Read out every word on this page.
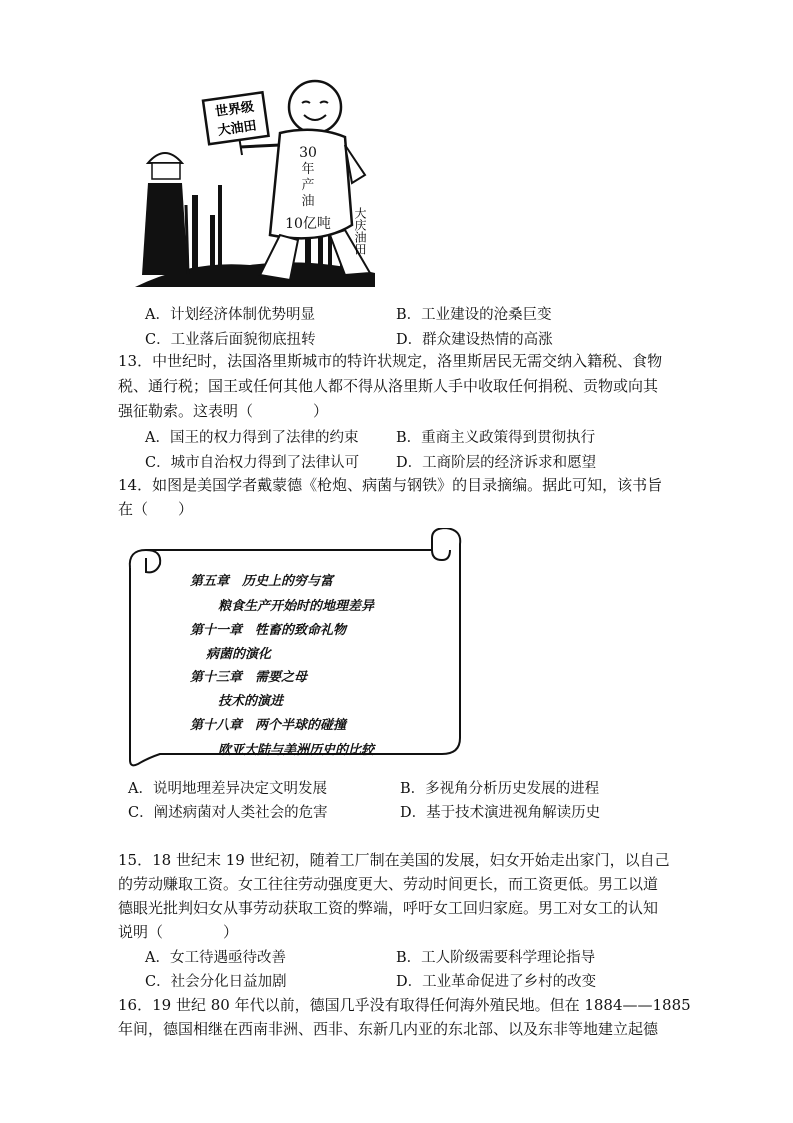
世界级
大油田
30
年
产
油
10亿吨 大庆油田
A．计划经济体制优势明显	B．工业建设的沧桑巨变
C．工业落后面貌彻底扭转	D．群众建设热情的高涨
13．中世纪时，法国洛里斯城市的特许状规定，洛里斯居民无需交纳入籍税、食物
税、通行税；国王或任何其他人都不得从洛里斯人手中收取任何捐税、贡物或向其
强征勒索。这表明（　　　　）
A．国王的权力得到了法律的约束	B．重商主义政策得到贯彻执行
C．城市自治权力得到了法律认可	D．工商阶层的经济诉求和愿望
14．如图是美国学者戴蒙德《枪炮、病菌与钢铁》的目录摘编。据此可知，该书旨
在（　　）
第五章　历史上的穷与富
粮食生产开始时的地理差异
第十一章　牲畜的致命礼物
病菌的演化
第十三章　需要之母
技术的演进
第十八章　两个半球的碰撞
欧亚大陆与美洲历史的比较
A．说明地理差异决定文明发展	B．多视角分析历史发展的进程
C．阐述病菌对人类社会的危害	D．基于技术演进视角解读历史
15．18 世纪末 19 世纪初，随着工厂制在美国的发展，妇女开始走出家门，以自己
的劳动赚取工资。女工往往劳动强度更大、劳动时间更长，而工资更低。男工以道
德眼光批判妇女从事劳动获取工资的弊端，呼吁女工回归家庭。男工对女工的认知
说明（　　　　）
A．女工待遇亟待改善	B．工人阶级需要科学理论指导
C．社会分化日益加剧	D．工业革命促进了乡村的改变
16．19 世纪 80 年代以前，德国几乎没有取得任何海外殖民地。但在 1884——1885
年间，德国相继在西南非洲、西非、东新几内亚的东北部、以及东非等地建立起德
